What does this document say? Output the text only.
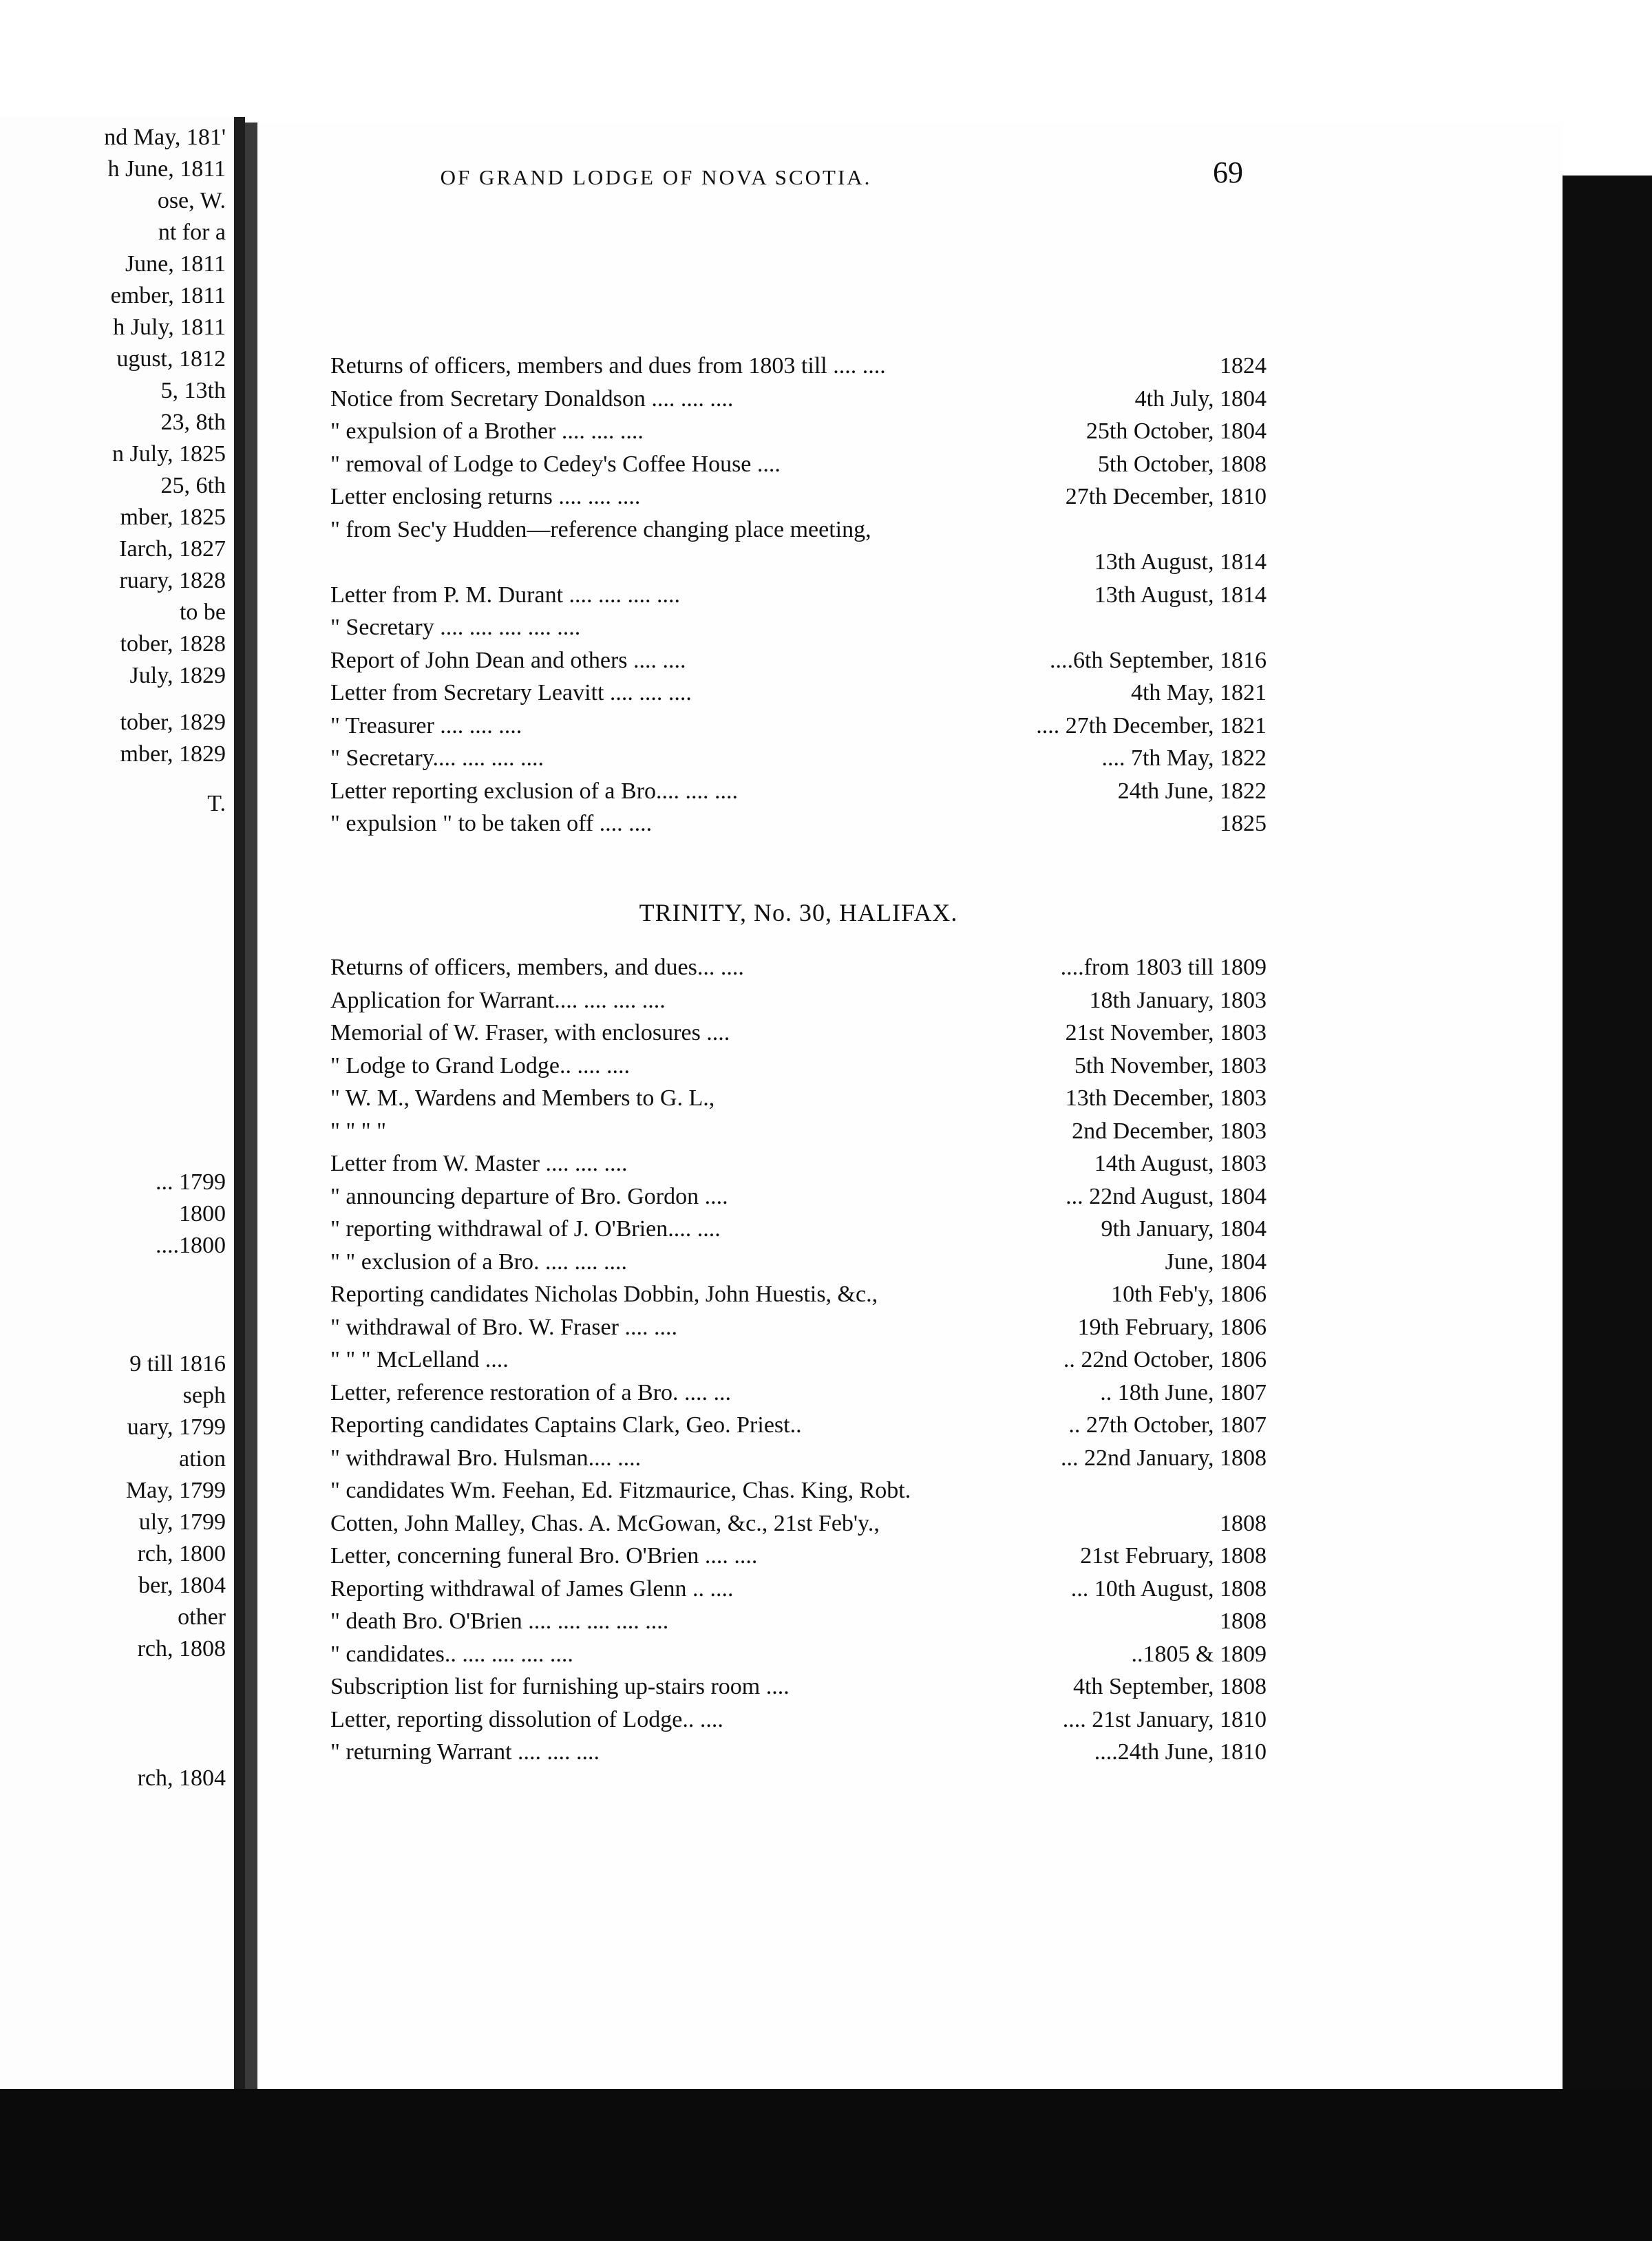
nd May, 181'
h June, 1811
ose, W.
nt for a
June, 1811
ember, 1811
h July, 1811
ugust, 1812
5, 13th
23, 8th
n July, 1825
25, 6th
mber, 1825
Iarch, 1827
ruary, 1828
to be
tober, 1828
July, 1829
tober, 1829
mber, 1829
T.
... 1799
1800
....1800
9 till 1816
seph
uary, 1799
ation
May, 1799
uly, 1799
rch, 1800
ber, 1804
other
rch, 1808
rch, 1804
OF GRAND LODGE OF NOVA SCOTIA.	69
Returns of officers, members and dues from 1803 till .... ....	1824
Notice from Secretary Donaldson .... .... ....	4th July, 1804
" expulsion of a Brother .... .... ....	25th October, 1804
" removal of Lodge to Cedey's Coffee House ....	5th October, 1808
Letter enclosing returns .... .... ....	27th December, 1810
" from Sec'y Hudden—reference changing place meeting,
13th August, 1814
Letter from P. M. Durant .... .... .... ....	13th August, 1814
" Secretary .... .... .... .... ....
Report of John Dean and others .... ....	....6th September, 1816
Letter from Secretary Leavitt .... .... ....	4th May, 1821
" Treasurer .... .... ....	.... 27th December, 1821
" Secretary.... .... .... ....	.... 7th May, 1822
Letter reporting exclusion of a Bro.... .... ....	24th June, 1822
" expulsion " to be taken off .... ....	1825
TRINITY, No. 30, HALIFAX.
Returns of officers, members, and dues... ....	....from 1803 till 1809
Application for Warrant.... .... .... ....	18th January, 1803
Memorial of W. Fraser, with enclosures ....	21st November, 1803
" Lodge to Grand Lodge.. .... ....	5th November, 1803
" W. M., Wardens and Members to G. L.,	13th December, 1803
" " " "	2nd December, 1803
Letter from W. Master .... .... ....	14th August, 1803
" announcing departure of Bro. Gordon ....	... 22nd August, 1804
" reporting withdrawal of J. O'Brien.... ....	9th January, 1804
" " exclusion of a Bro. .... .... ....	June, 1804
Reporting candidates Nicholas Dobbin, John Huestis, &c.,	10th Feb'y, 1806
" withdrawal of Bro. W. Fraser .... ....	19th February, 1806
" " " McLelland ....	.. 22nd October, 1806
Letter, reference restoration of a Bro. .... ...	.. 18th June, 1807
Reporting candidates Captains Clark, Geo. Priest..	.. 27th October, 1807
" withdrawal Bro. Hulsman.... ....	... 22nd January, 1808
" candidates Wm. Feehan, Ed. Fitzmaurice, Chas. King, Robt.
Cotten, John Malley, Chas. A. McGowan, &c., 21st Feb'y.,	1808
Letter, concerning funeral Bro. O'Brien .... ....	21st February, 1808
Reporting withdrawal of James Glenn .. ....	... 10th August, 1808
" death Bro. O'Brien .... .... .... .... ....	1808
" candidates.. .... .... .... ....	..1805 & 1809
Subscription list for furnishing up-stairs room ....	4th September, 1808
Letter, reporting dissolution of Lodge.. ....	.... 21st January, 1810
" returning Warrant .... .... ....	....24th June, 1810
